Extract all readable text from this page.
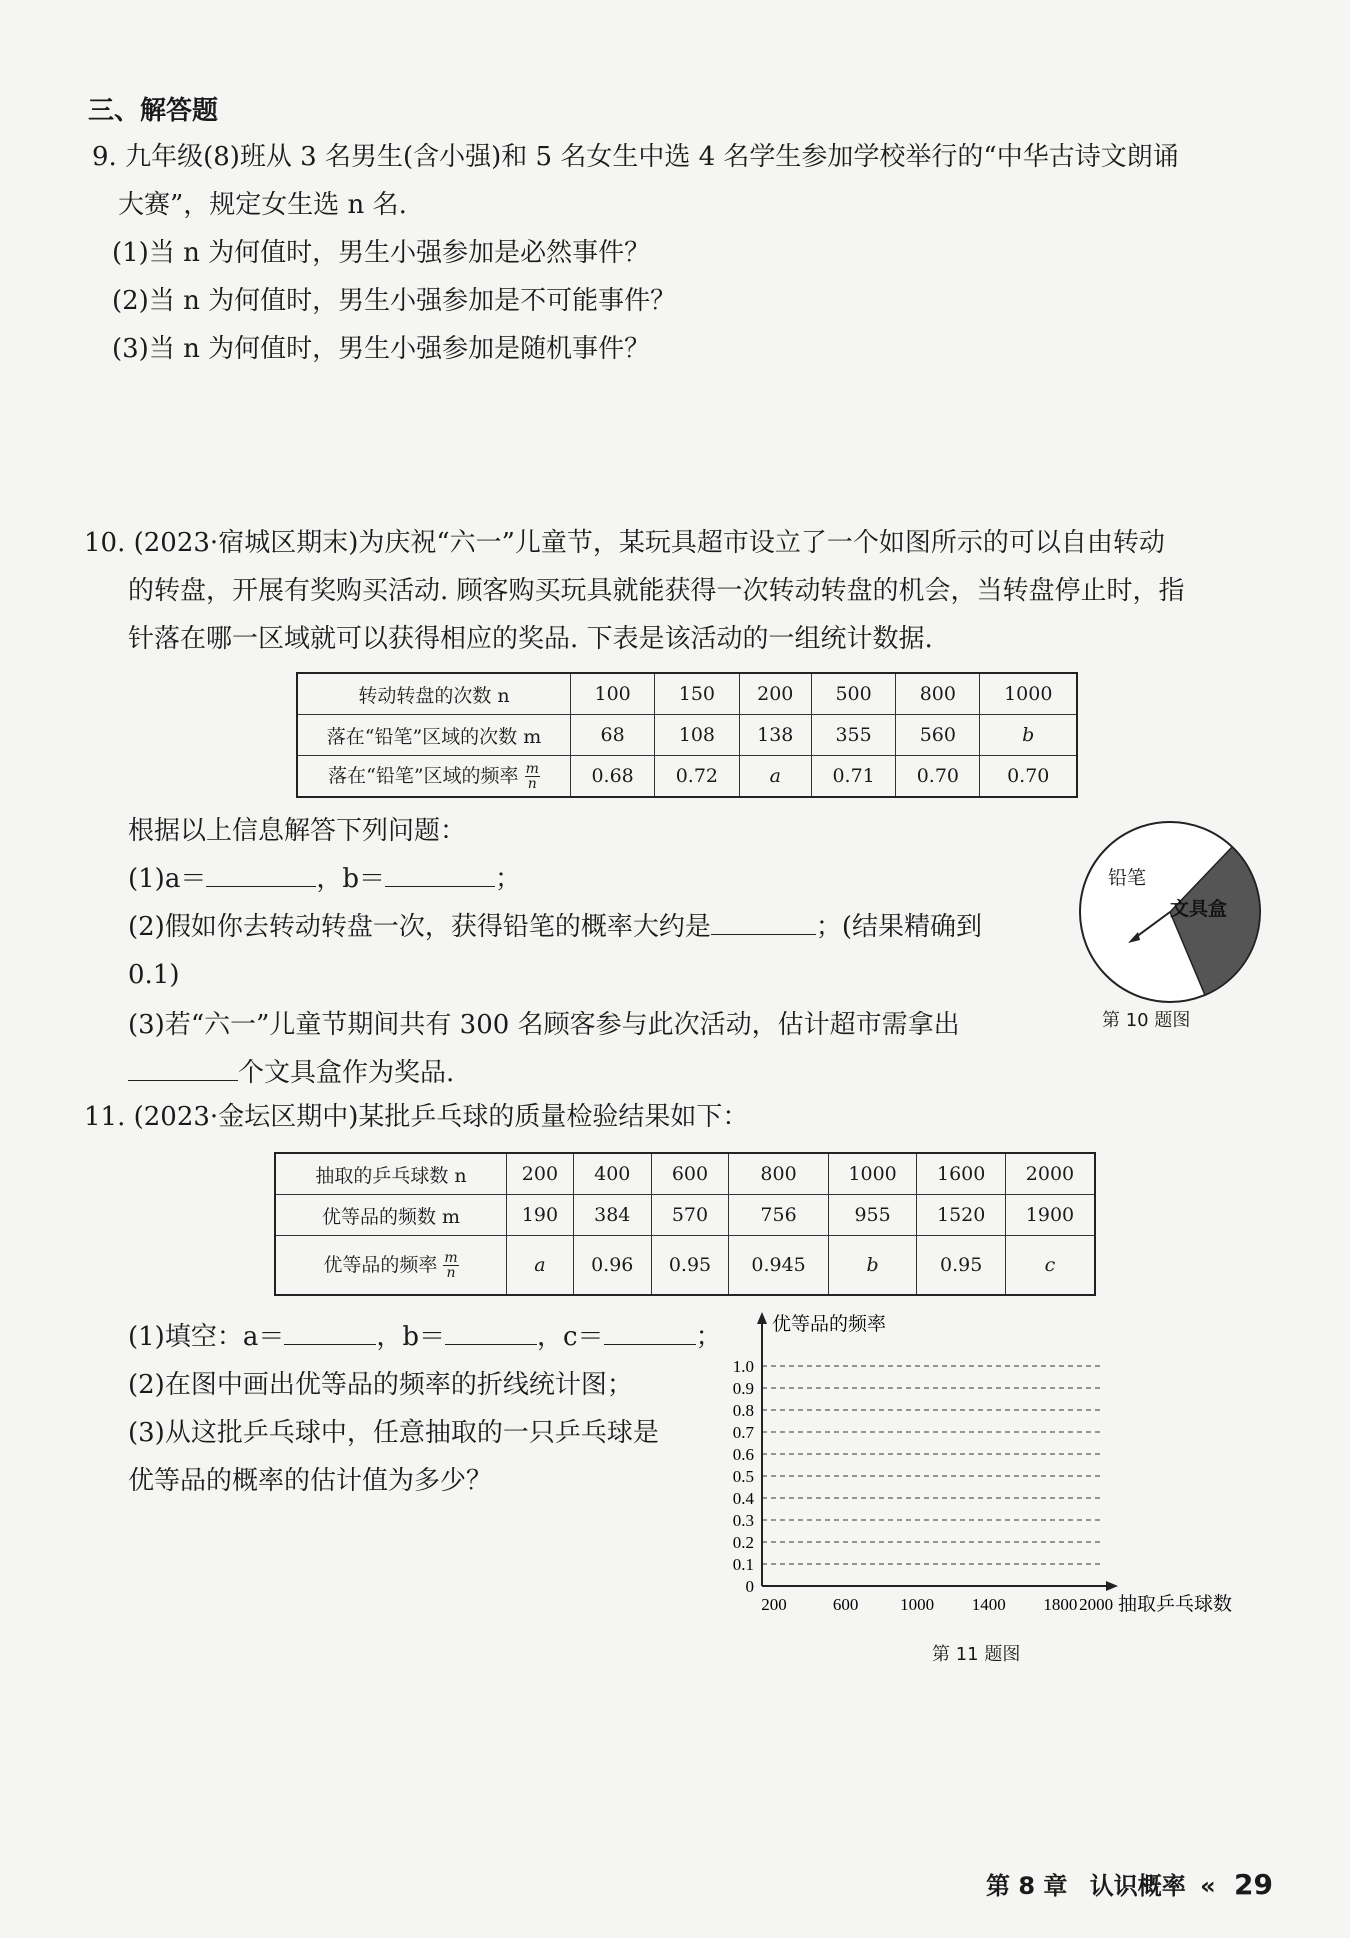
三、解答题
9. 九年级(8)班从 3 名男生(含小强)和 5 名女生中选 4 名学生参加学校举行的“中华古诗文朗诵
大赛”，规定女生选 n 名.
(1)当 n 为何值时，男生小强参加是必然事件？
(2)当 n 为何值时，男生小强参加是不可能事件？
(3)当 n 为何值时，男生小强参加是随机事件？
10. (2023·宿城区期末)为庆祝“六一”儿童节，某玩具超市设立了一个如图所示的可以自由转动
的转盘，开展有奖购买活动. 顾客购买玩具就能获得一次转动转盘的机会，当转盘停止时，指
针落在哪一区域就可以获得相应的奖品. 下表是该活动的一组统计数据.
转动转盘的次数 n	100	150	200	500	800	1000
落在“铅笔”区域的次数 m	68	108	138	355	560	b
落在“铅笔”区域的频率 $\frac{m}{n}$	0.68	0.72	a	0.71	0.70	0.70
根据以上信息解答下列问题：
(1)a＝	，b＝	；
(2)假如你去转动转盘一次，获得铅笔的概率大约是	；(结果精确到
0.1)
(3)若“六一”儿童节期间共有 300 名顾客参与此次活动，估计超市需拿出
个文具盒作为奖品.
铅笔
文具盒
第 10 题图
11. (2023·金坛区期中)某批乒乓球的质量检验结果如下：
抽取的乒乓球数 n	200	400	600	800	1000	1600	2000
优等品的频数 m	190	384	570	756	955	1520	1900
优等品的频率 $\frac{m}{n}$	a	0.96	0.95	0.945	b	0.95	c
(1)填空：a＝	，b＝	，c＝	；
(2)在图中画出优等品的频率的折线统计图；
(3)从这批乒乓球中，任意抽取的一只乒乓球是
优等品的概率的估计值为多少？
优等品的频率
抽取乒乓球数
0
0.1
0.2
0.3
0.4
0.5
0.6
0.7
0.8
0.9
1.0
200	600 1000 1400 1800 2000
第 11 题图
第 8 章 认识概率 « 29
